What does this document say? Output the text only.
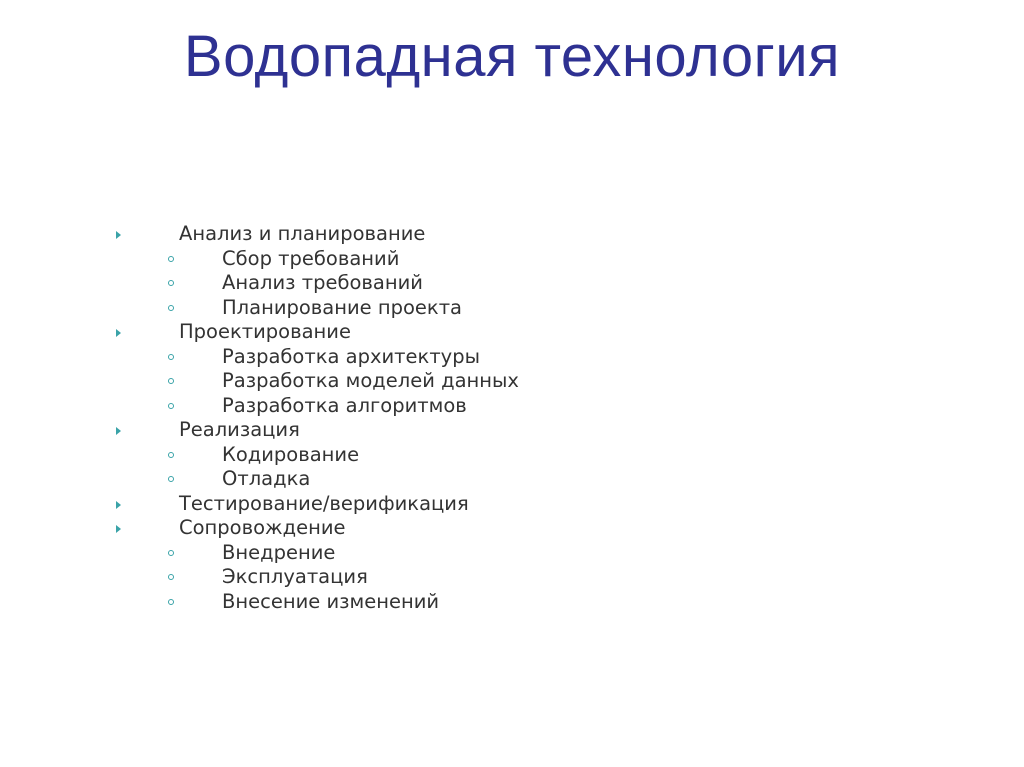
Водопадная технология
Анализ и планирование
Сбор требований
Анализ требований
Планирование проекта
Проектирование
Разработка архитектуры
Разработка моделей данных
Разработка алгоритмов
Реализация
Кодирование
Отладка
Тестирование/верификация
Сопровождение
Внедрение
Эксплуатация
Внесение изменений
